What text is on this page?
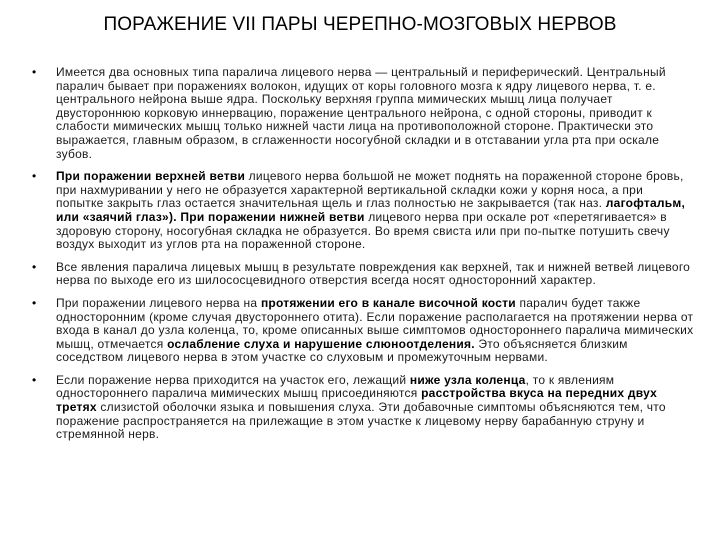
ПОРАЖЕНИЕ VII ПАРЫ ЧЕРЕПНО-МОЗГОВЫХ НЕРВОВ
• Имеется два основных типа паралича лицевого нерва — центральный и периферический. Центральный паралич бывает при поражениях волокон, идущих от коры головного мозга к ядру лицевого нерва, т. е. центрального нейрона выше ядра. Поскольку верхняя группа мимических мышц лица получает двустороннюю корковую иннервацию, поражение центрального нейрона, с одной стороны, приводит к слабости мимических мышц только нижней части лица на противоположной стороне. Практически это выражается, главным образом, в сглаженности носогубной складки и в отставании угла рта при оскале зубов.
• При поражении верхней ветви лицевого нерва большой не может поднять на пораженной стороне бровь, при нахмуривании у него не образуется характерной вертикальной складки кожи у корня носа, а при попытке закрыть глаз остается значительная щель и глаз полностью не закрывается (так наз. лагофтальм, или «заячий глаз»). При поражении нижней ветви лицевого нерва при оскале рот «перетягивается» в здоровую сторону, носогубная складка не образуется. Во время свиста или при по-пытке потушить свечу воздух выходит из углов рта на пораженной стороне.
• Все явления паралича лицевых мышц в результате повреждения как верхней, так и нижней ветвей лицевого нерва по выходе его из шилососцевидного отверстия всегда носят односторонний характер.
• При поражении лицевого нерва на протяжении его в канале височной кости паралич будет также односторонним (кроме случая двустороннего отита). Если поражение располагается на протяжении нерва от входа в канал до узла коленца, то, кроме описанных выше симптомов одностороннего паралича мимических мышц, отмечается ослабление слуха и нарушение слюноотделения. Это объясняется близким соседством лицевого нерва в этом участке со слуховым и промежуточным нервами.
• Если поражение нерва приходится на участок его, лежащий ниже узла коленца, то к явлениям одностороннего паралича мимических мышц присоединяются расстройства вкуса на передних двух третях слизистой оболочки языка и повышения слуха. Эти добавочные симптомы объясняются тем, что поражение распространяется на прилежащие в этом участке к лицевому нерву барабанную струну и стремянной нерв.
